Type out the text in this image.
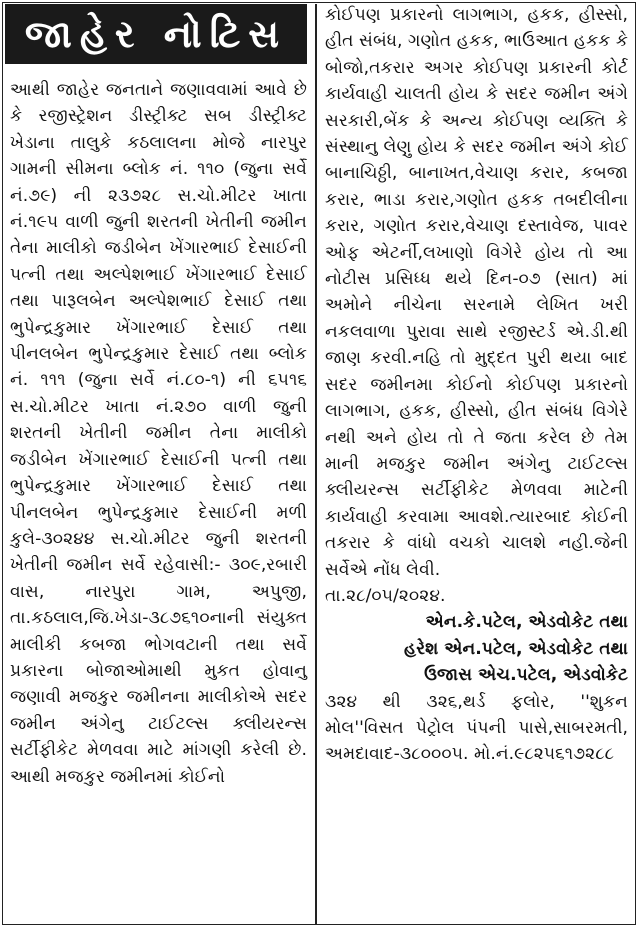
જાહેર નોટિસ

આથી જાહેર જનતાને જણાવવામાં આવે છે કે રજીસ્ટ્રેશન ડીસ્ટ્રીક્ટ સબ ડીસ્ટ્રીક્ટ ખેડાના તાલુકે કઠલાલના મોજે નારપુર ગામની સીમના બ્લોક નં. ૧૧૦ (જુના સર્વે નં.૭૯) ની ૨૩૭૨૮ સ.ચો.મીટર ખાતા નં.૧૯૫ વાળી જુની શરતની ખેતીની જમીન તેના માલીકો જડીબેન ખેંગારભાઈ દેસાઈની પત્ની તથા અલ્પેશભાઈ ખેંગારભાઈ દેસાઈ તથા પારૂલબેન અલ્પેશભાઈ દેસાઈ તથા ભુપેન્દ્રકુમાર ખેંગારભાઈ દેસાઈ તથા પીનલબેન ભુપેન્દ્રકુમાર દેસાઈ તથા બ્લોક નં. ૧૧૧ (જુના સર્વે નં.૮૦-૧) ની ૬૫૧૬ સ.ચો.મીટર ખાતા નં.૨૭૦ વાળી જુની શરતની ખેતીની જમીન તેના માલીકો જડીબેન ખેંગારભાઈ દેસાઈની પત્ની તથા ભુપેન્દ્રકુમાર ખેંગારભાઈ દેસાઈ તથા પીનલબેન ભુપેન્દ્રકુમાર દેસાઈની મળી કુલે-૩૦૨૪૪ સ.ચો.મીટર જુની શરતની ખેતીની જમીન સર્વે રહેવાસી:- ૩૦૯,રબારી વાસ, નારપુરા ગામ, અપુજી, તા.કઠલાલ,જિ.ખેડા-૩૮૭૬૧૦નાની સંયુક્ત માલીકી કબજા ભોગવટાની તથા સર્વે પ્રકારના બોજાઓમાથી મુકત હોવાનુ જણાવી મજકુર જમીનના માલીકોએ સદર જમીન અંગેનુ ટાઈટલ્સ ક્લીયરન્સ સર્ટીફીકેટ મેળવવા માટે માંગણી કરેલી છે. આથી મજકુર જમીનમાં કોઈનો

કોઈપણ પ્રકારનો લાગભાગ, હકક, હીસ્સો, હીત સંબંધ, ગણોત હકક, ભાઉઆત હકક કે બોજો,તકરાર અગર કોઈપણ પ્રકારની કોર્ટ કાર્યવાહી ચાલતી હોય કે સદર જમીન અંગે સરકારી,બેંક કે અન્ય કોઈપણ વ્યક્તિ કે સંસ્થાનુ લેણુ હોય કે સદર જમીન અંગે કોઈ બાનાચિઠ્ઠી, બાનાખત,વેચાણ કરાર, કબજા કરાર, ભાડા કરાર,ગણોત હકક તબદીલીના કરાર, ગણોત કરાર,વેચાણ દસ્તાવેજ, પાવર ઓફ એટર્ની,લખાણો વિગેરે હોય તો આ નોટીસ પ્રસિધ્ધ થયે દિન-૦૭ (સાત) માં અમોને નીચેના સરનામે લેખિત ખરી નકલવાળા પુરાવા સાથે રજીસ્ટર્ડ એ.ડી.થી જાણ કરવી.નહિ તો મુદ્દત પુરી થયા બાદ સદર જમીનમા કોઈનો કોઈપણ પ્રકારનો લાગભાગ, હકક, હીસ્સો, હીત સંબંધ વિગેરે નથી અને હોય તો તે જતા કરેલ છે તેમ માની મજકુર જમીન અંગેનુ ટાઈટલ્સ ક્લીયરન્સ સર્ટીફીકેટ મેળવવા માટેની કાર્યવાહી કરવામા આવશે.ત્યારબાદ કોઈની તકરાર કે વાંધો વચકો ચાલશે નહી.જેની સર્વેએ નોંધ લેવી.

તા.૨૮/૦૫/૨૦૨૪.

એન.કે.પટેલ, એડવોકેટ તથા
હરેશ એન.પટેલ, એડવોકેટ તથા
ઉજાસ એચ.પટેલ, એડવોકેટ

૩૨૪ થી ૩૨૬,થર્ડ ફલોર, ''શુકન મોલ''વિસત પેટ્રોલ પંપની પાસે,સાબરમતી, અમદાવાદ-૩૮૦૦૦૫. મો.નં.૯૮૨૫૬૧૭૨૮૮
